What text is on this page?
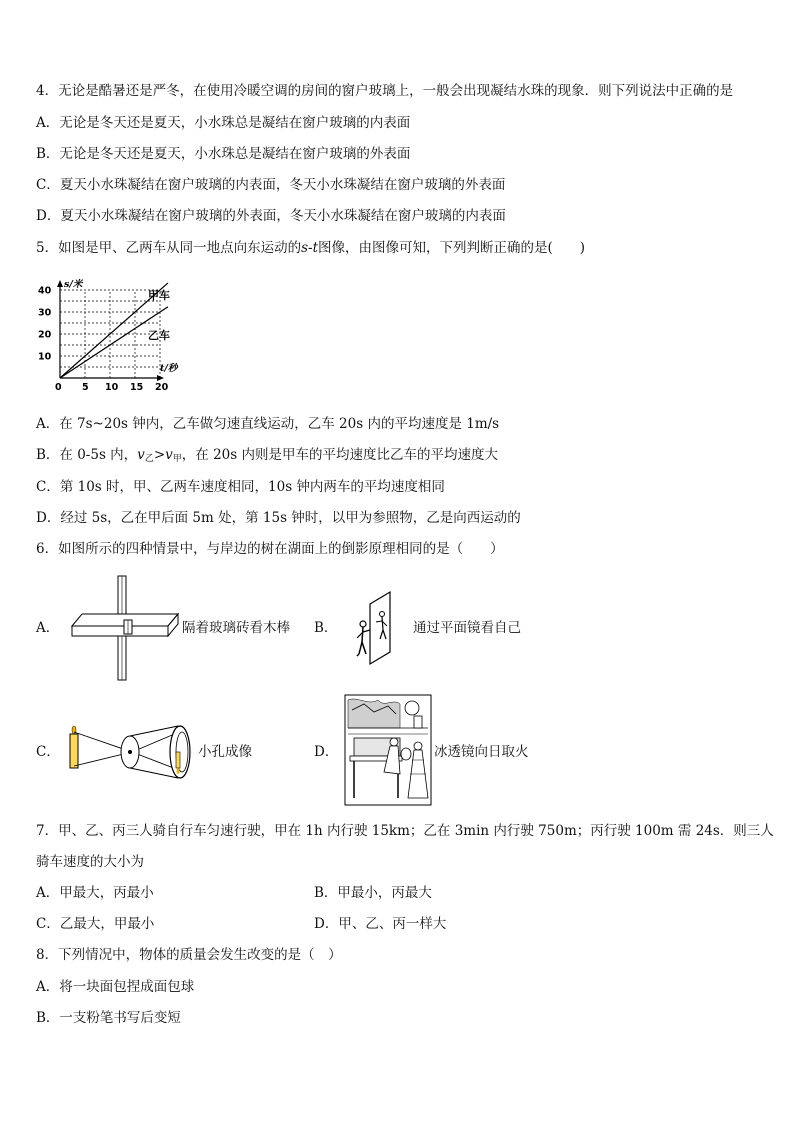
4．无论是酷暑还是严冬，在使用冷暖空调的房间的窗户玻璃上，一般会出现凝结水珠的现象．则下列说法中正确的是
A．无论是冬天还是夏天，小水珠总是凝结在窗户玻璃的内表面
B．无论是冬天还是夏天，小水珠总是凝结在窗户玻璃的外表面
C．夏天小水珠凝结在窗户玻璃的内表面，冬天小水珠凝结在窗户玻璃的外表面
D．夏天小水珠凝结在窗户玻璃的外表面，冬天小水珠凝结在窗户玻璃的内表面
5．如图是甲、乙两车从同一地点向东运动的s-t图像，由图像可知，下列判断正确的是(　　)
40
30
20
10
0 5 10 15 20
s/米
t/秒
甲车
乙车
A．在 7s~20s 钟内，乙车做匀速直线运动，乙车 20s 内的平均速度是 1m/s
B．在 0-5s 内，$v_乙>v_甲$，在 20s 内则是甲车的平均速度比乙车的平均速度大
C．第 10s 时，甲、乙两车速度相同，10s 钟内两车的平均速度相同
D．经过 5s，乙在甲后面 5m 处，第 15s 钟时，以甲为参照物，乙是向西运动的
6．如图所示的四种情景中，与岸边的树在湖面上的倒影原理相同的是（　　）
A．	隔着玻璃砖看木棒 B．	通过平面镜看自己
C．	小孔成像	D．	冰透镜向日取火
7．甲、乙、丙三人骑自行车匀速行驶，甲在 1h 内行驶 15km；乙在 3min 内行驶 750m；丙行驶 100m 需 24s．则三人
骑车速度的大小为
A．甲最大，丙最小	B．甲最小，丙最大
C．乙最大，甲最小	D．甲、乙、丙一样大
8．下列情况中，物体的质量会发生改变的是（　）
A．将一块面包捏成面包球
B．一支粉笔书写后变短
